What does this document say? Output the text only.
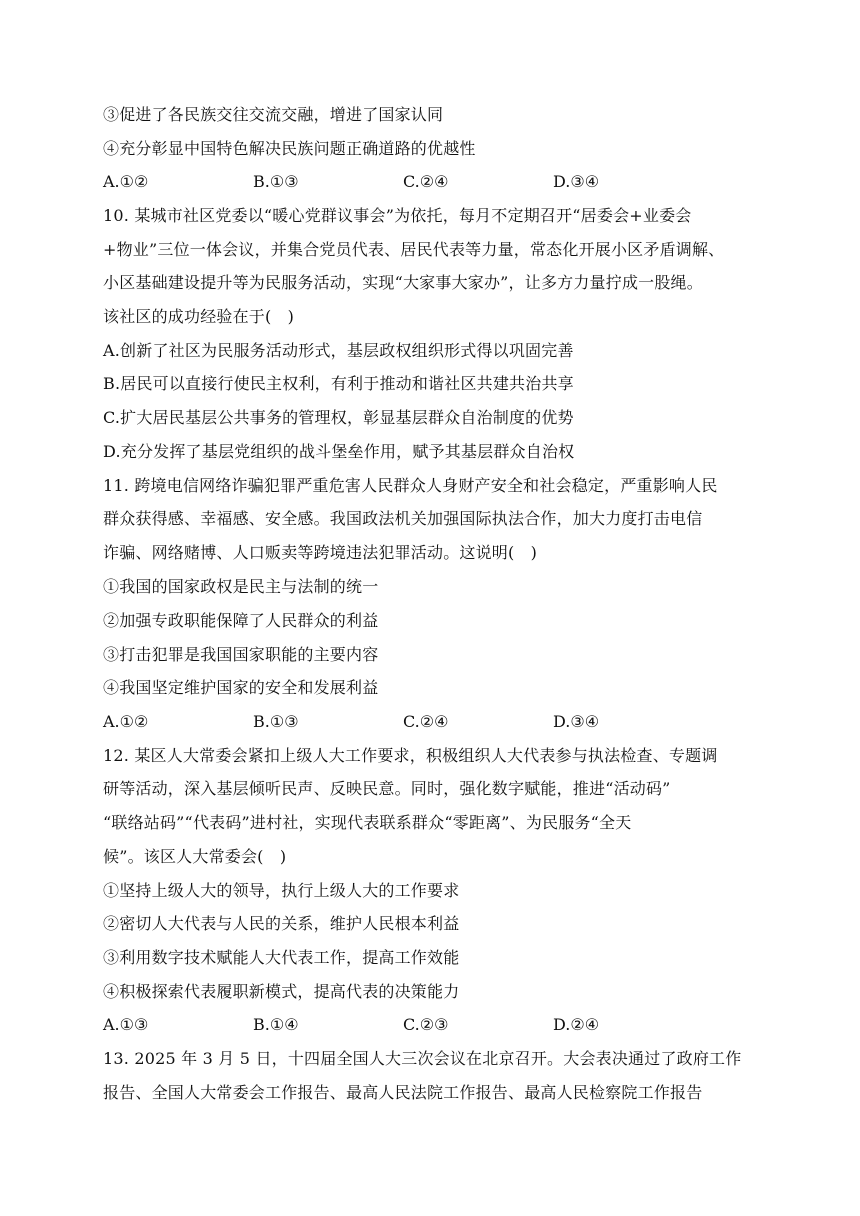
③促进了各民族交往交流交融，增进了国家认同
④充分彰显中国特色解决民族问题正确道路的优越性
A.①②	B.①③	C.②④	D.③④
10. 某城市社区党委以“暖心党群议事会”为依托，每月不定期召开“居委会+业委会
+物业”三位一体会议，并集合党员代表、居民代表等力量，常态化开展小区矛盾调解、
小区基础建设提升等为民服务活动，实现“大家事大家办”，让多方力量拧成一股绳。
该社区的成功经验在于(　)
A.创新了社区为民服务活动形式，基层政权组织形式得以巩固完善
B.居民可以直接行使民主权利，有利于推动和谐社区共建共治共享
C.扩大居民基层公共事务的管理权，彰显基层群众自治制度的优势
D.充分发挥了基层党组织的战斗堡垒作用，赋予其基层群众自治权
11. 跨境电信网络诈骗犯罪严重危害人民群众人身财产安全和社会稳定，严重影响人民
群众获得感、幸福感、安全感。我国政法机关加强国际执法合作，加大力度打击电信
诈骗、网络赌博、人口贩卖等跨境违法犯罪活动。这说明(　)
①我国的国家政权是民主与法制的统一
②加强专政职能保障了人民群众的利益
③打击犯罪是我国国家职能的主要内容
④我国坚定维护国家的安全和发展利益
A.①②	B.①③	C.②④	D.③④
12. 某区人大常委会紧扣上级人大工作要求，积极组织人大代表参与执法检查、专题调
研等活动，深入基层倾听民声、反映民意。同时，强化数字赋能，推进“活动码”
“联络站码”“代表码”进村社，实现代表联系群众“零距离”、为民服务“全天
候”。该区人大常委会(　)
①坚持上级人大的领导，执行上级人大的工作要求
②密切人大代表与人民的关系，维护人民根本利益
③利用数字技术赋能人大代表工作，提高工作效能
④积极探索代表履职新模式，提高代表的决策能力
A.①③	B.①④	C.②③	D.②④
13. 2025 年 3 月 5 日，十四届全国人大三次会议在北京召开。大会表决通过了政府工作
报告、全国人大常委会工作报告、最高人民法院工作报告、最高人民检察院工作报告
